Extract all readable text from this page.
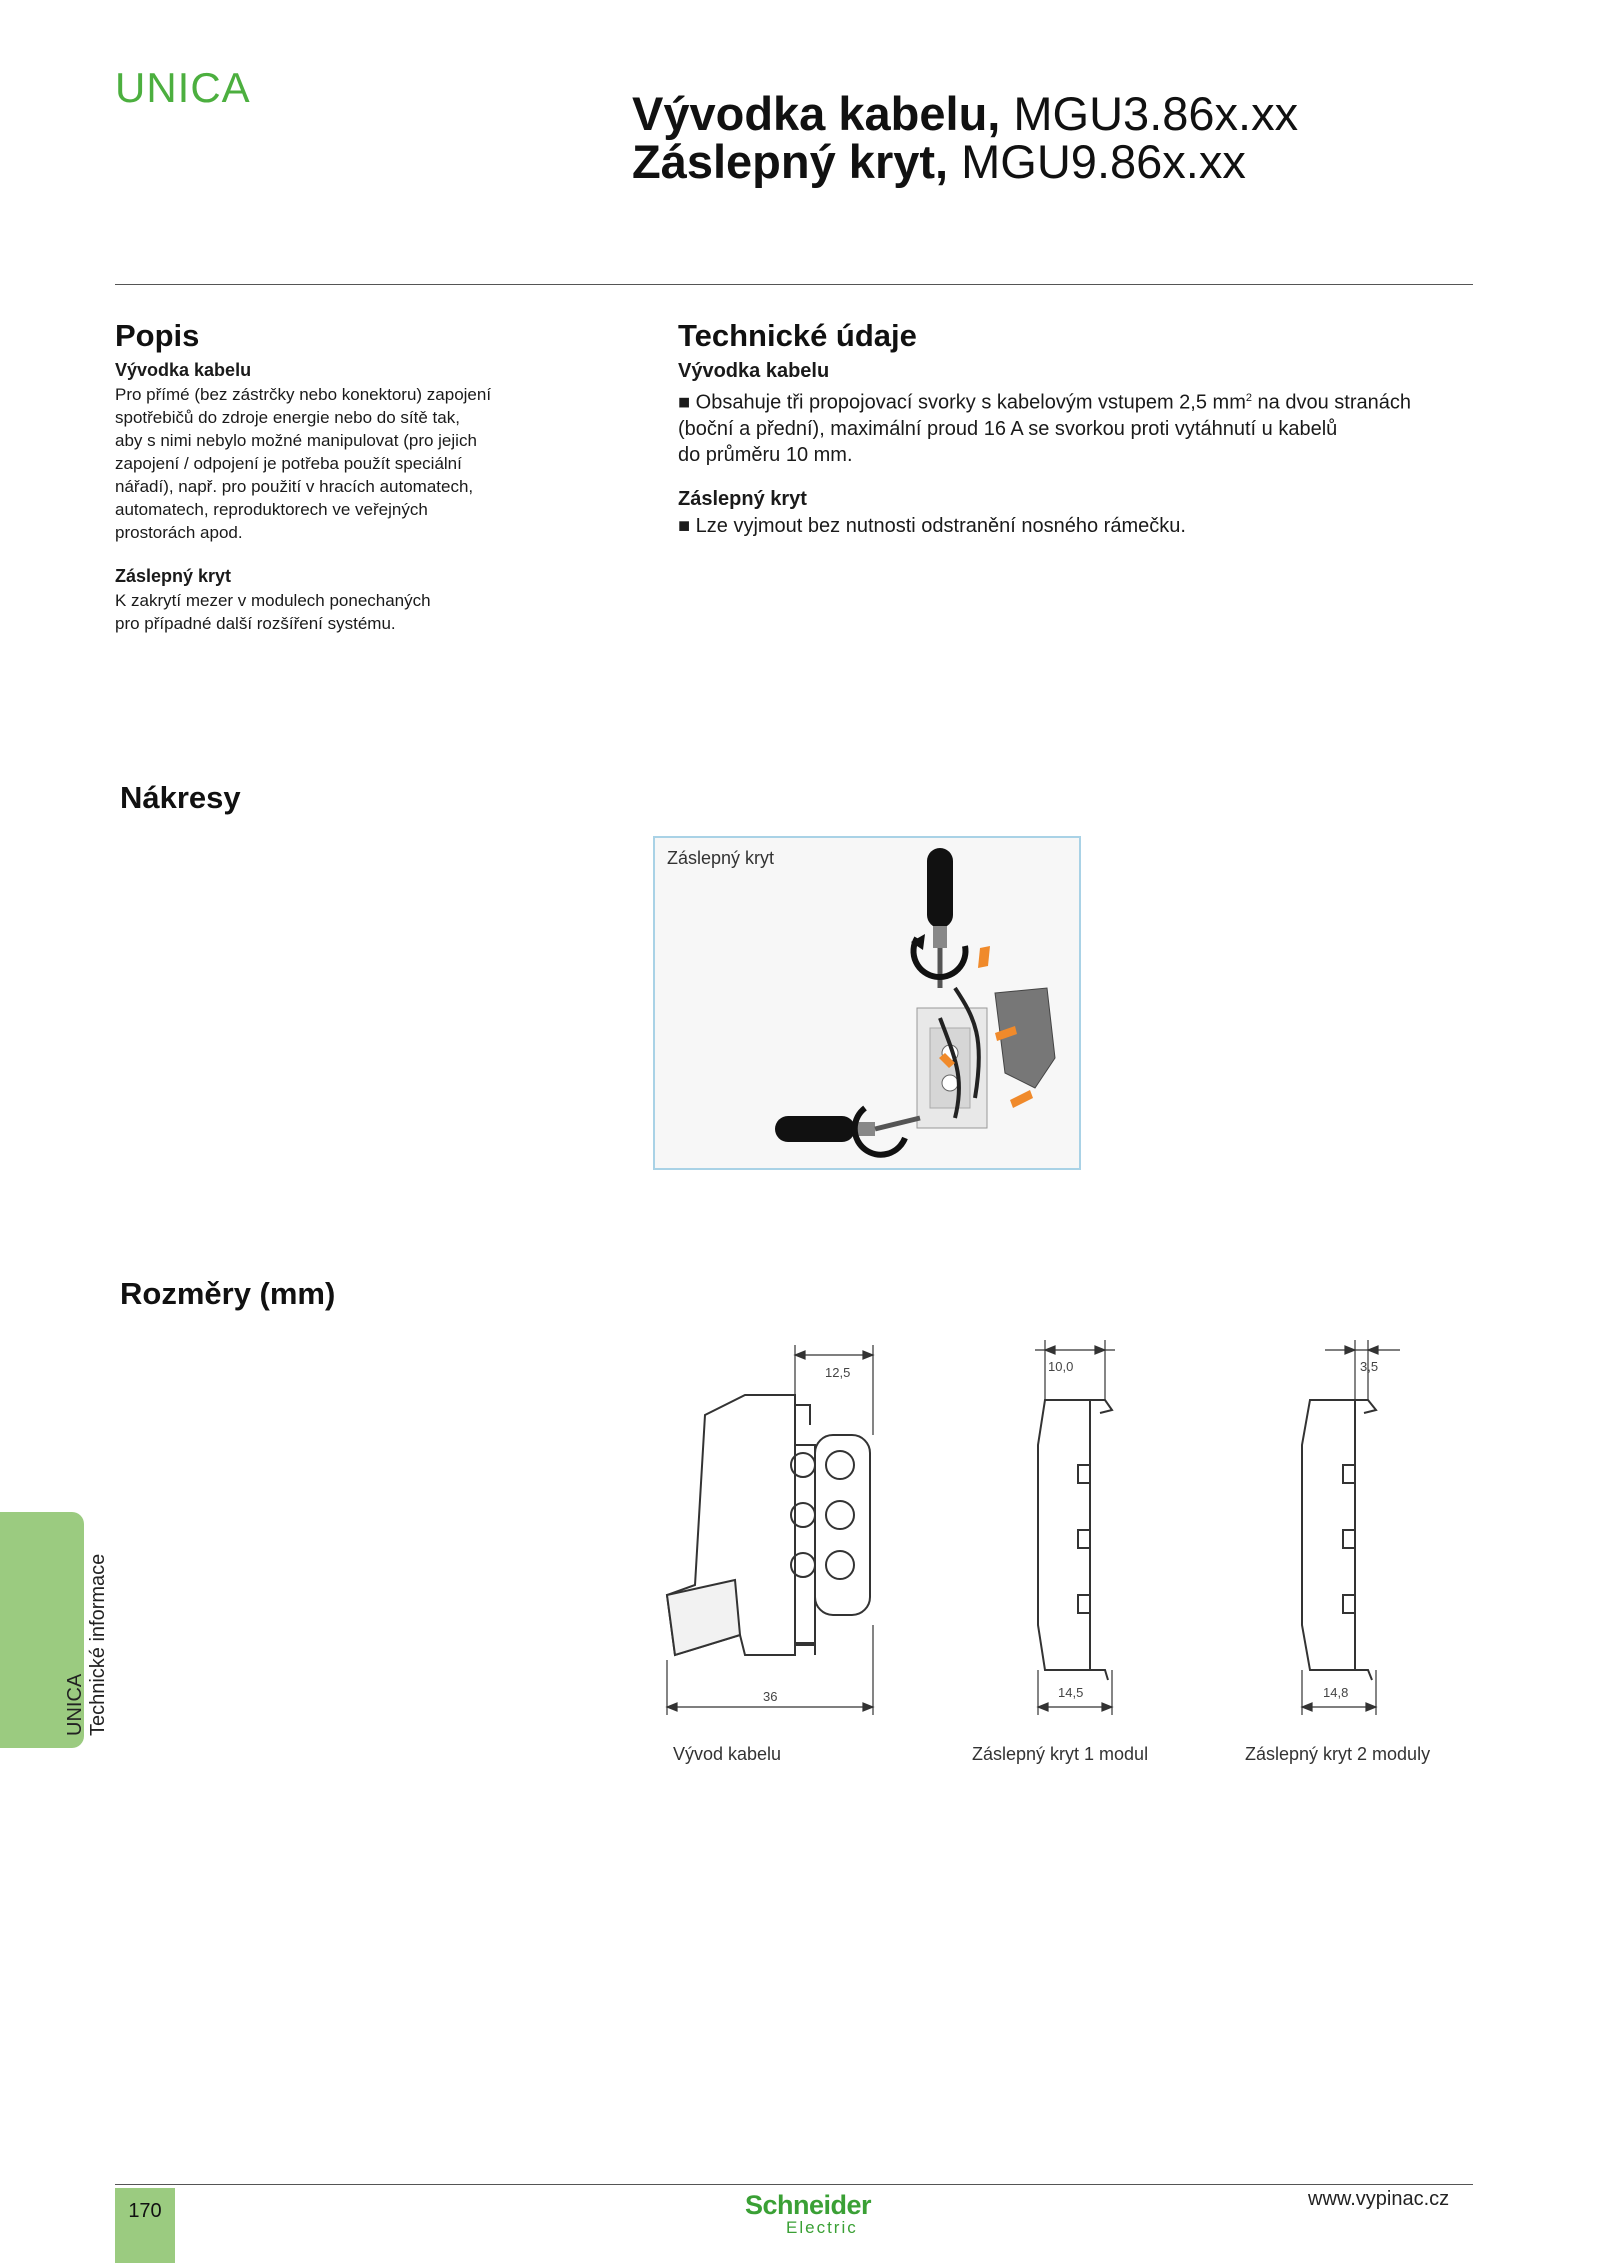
UNICA	Vývodka kabelu, MGU3.86x.xx
Záslepný kryt, MGU9.86x.xx
Popis
Vývodka kabelu
Pro přímé (bez zástrčky nebo konektoru) zapojení
spotřebičů do zdroje energie nebo do sítě tak,
aby s nimi nebylo možné manipulovat (pro jejich
zapojení / odpojení je potřeba použít speciální
nářadí), např. pro použití v hracích automatech,
automatech, reproduktorech ve veřejných
prostorách apod.
Záslepný kryt
K zakrytí mezer v modulech ponechaných
pro případné další rozšíření systému.
Technické údaje
Vývodka kabelu
■ Obsahuje tři propojovací svorky s kabelovým vstupem 2,5 $mm^2$ na dvou stranách
(boční a přední), maximální proud 16 A se svorkou proti vytáhnutí u kabelů
do průměru 10 mm.
Záslepný kryt
■ Lze vyjmout bez nutnosti odstranění nosného rámečku.
Nákresy
Záslepný kryt
Rozměry (mm)
12,5
36
10,0
14,5
3,5
14,8
Vývod kabelu	Záslepný kryt 1 modul	Záslepný kryt 2 moduly
UNICA Technické informace
170	Schneider
Electric
www.vypinac.cz
